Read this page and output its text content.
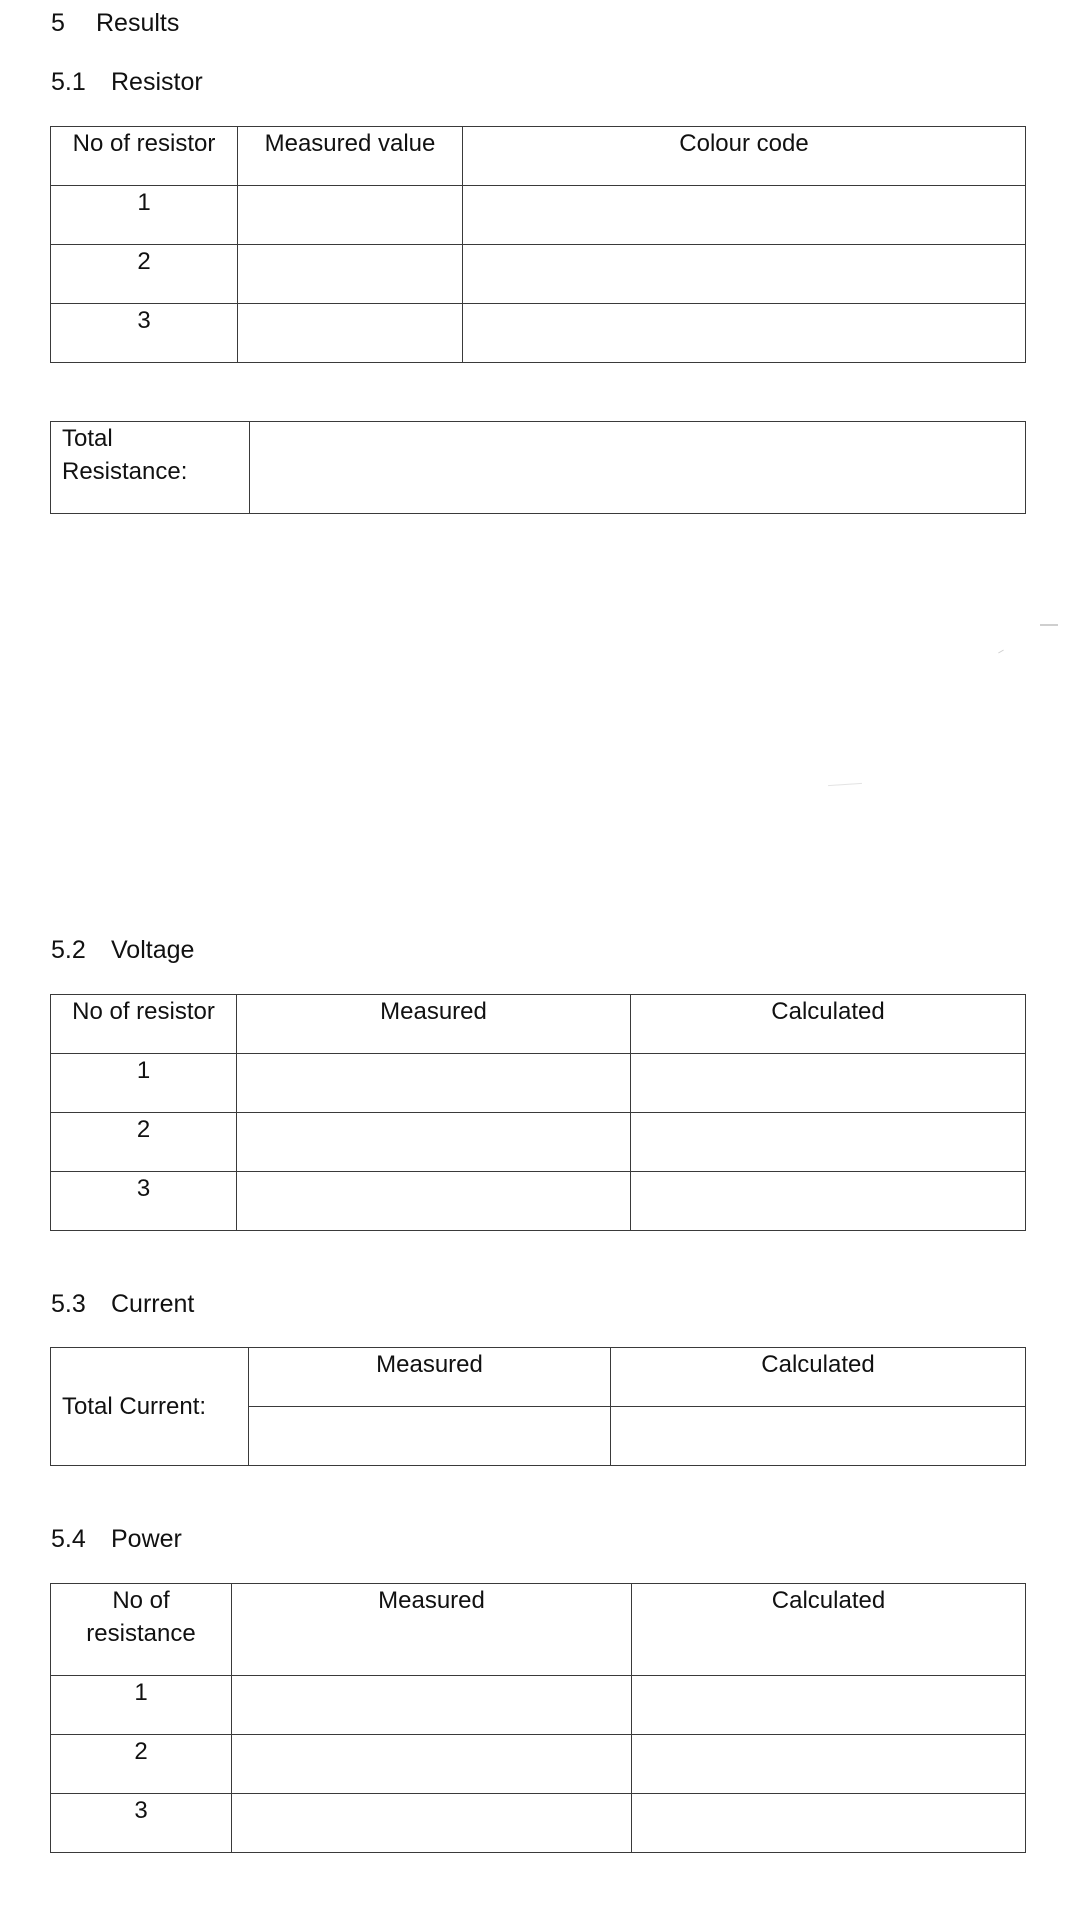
5 Results
5.1 Resistor
No of resistor	Measured value	Colour code
1		
2		
3		
Total Resistance:	
5.2 Voltage
No of resistor	Measured	Calculated
1		
2		
3		
5.3 Current
Total Current:	Measured	Calculated

5.4 Power
No of resistance	Measured	Calculated
1		
2		
3		
